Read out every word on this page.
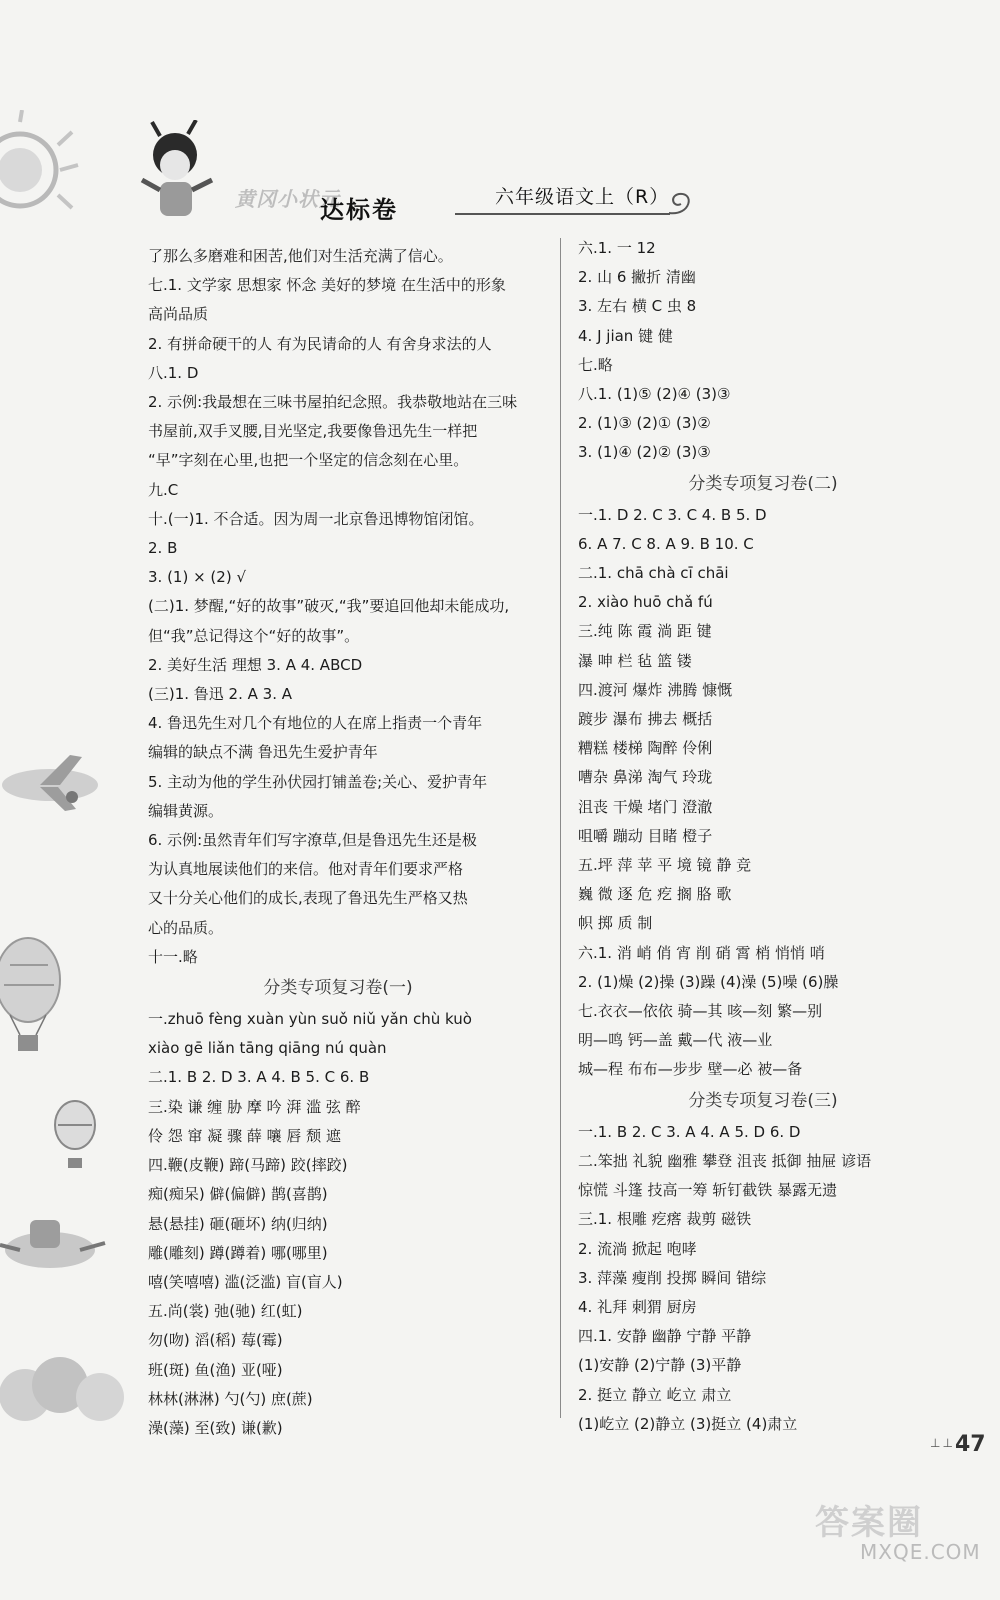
黄冈小状元
达标卷	六年级语文上（R）
了那么多磨难和困苦,他们对生活充满了信心。
七.1. 文学家 思想家 怀念 美好的梦境 在生活中的形象
高尚品质
2. 有拼命硬干的人 有为民请命的人 有舍身求法的人
八.1. D
2. 示例:我最想在三味书屋拍纪念照。我恭敬地站在三味
书屋前,双手叉腰,目光坚定,我要像鲁迅先生一样把
“早”字刻在心里,也把一个坚定的信念刻在心里。
九.C
十.(一)1. 不合适。因为周一北京鲁迅博物馆闭馆。
2. B
3. (1) × (2) √
(二)1. 梦醒,“好的故事”破灭,“我”要追回他却未能成功,
但“我”总记得这个“好的故事”。
2. 美好生活 理想 3. A 4. ABCD
(三)1. 鲁迅 2. A 3. A
4. 鲁迅先生对几个有地位的人在席上指责一个青年
编辑的缺点不满 鲁迅先生爱护青年
5. 主动为他的学生孙伏园打铺盖卷;关心、爱护青年
编辑黄源。
6. 示例:虽然青年们写字潦草,但是鲁迅先生还是极
为认真地展读他们的来信。他对青年们要求严格
又十分关心他们的成长,表现了鲁迅先生严格又热
心的品质。
十一.略
分类专项复习卷(一)
一.zhuō fèng xuàn yùn suǒ niǔ yǎn chù kuò
xiào gē liǎn tāng qiāng nú quàn
二.1. B 2. D 3. A 4. B 5. C 6. B
三.染 谦 缠 胁 摩 吟 湃 滥 弦 醉
伶 怨 窜 凝 骤 薛 嚷 唇 颓 遮
四.鞭(皮鞭) 蹄(马蹄) 跤(摔跤)
痴(痴呆) 僻(偏僻) 鹊(喜鹊)
悬(悬挂) 砸(砸坏) 纳(归纳)
雕(雕刻) 蹲(蹲着) 哪(哪里)
嘻(笑嘻嘻) 滥(泛滥) 盲(盲人)
五.尚(裳) 弛(驰) 红(虹)
勿(吻) 滔(稻) 莓(霉)
班(斑) 鱼(渔) 亚(哑)
林林(淋淋) 勺(勺) 庶(蔗)
澡(藻) 至(致) 谦(歉)
六.1. 一 12
2. 山 6 撇折 清幽
3. 左右 横 C 虫 8
4. J jian 键 健
七.略
八.1. (1)⑤ (2)④ (3)③
2. (1)③ (2)① (3)②
3. (1)④ (2)② (3)③
分类专项复习卷(二)
一.1. D 2. C 3. C 4. B 5. D
6. A 7. C 8. A 9. B 10. C
二.1. chā chà cī chāi
2. xiào huō chǎ fú
三.纯 陈 霞 淌 距 键
瀑 呻 栏 毡 篮 镂
四.渡河 爆炸 沸腾 慷慨
踱步 瀑布 拂去 概括
糟糕 楼梯 陶醉 伶俐
嘈杂 鼻涕 淘气 玲珑
沮丧 干燥 堵门 澄澈
咀嚼 蹦动 目睹 橙子
五.坪 萍 苹 平 境 镜 静 竞
巍 微 逐 危 疙 搁 胳 歌
帜 掷 质 制
六.1. 消 峭 俏 宵 削 硝 霄 梢 悄悄 哨
2. (1)燥 (2)操 (3)躁 (4)澡 (5)噪 (6)臊
七.衣衣—依依 骑—其 咳—刻 繁—别
明—鸣 钙—盖 戴—代 液—业
城—程 布布—步步 壁—必 被—备
分类专项复习卷(三)
一.1. B 2. C 3. A 4. A 5. D 6. D
二.笨拙 礼貌 幽雅 攀登 沮丧 抵御 抽屉 谚语
惊慌 斗篷 技高一筹 斩钉截铁 暴露无遗
三.1. 根雕 疙瘩 裁剪 磁铁
2. 流淌 掀起 咆哮
3. 萍藻 瘦削 投掷 瞬间 错综
4. 礼拜 刺猬 厨房
四.1. 安静 幽静 宁静 平静
(1)安静 (2)宁静 (3)平静
2. 挺立 静立 屹立 肃立
(1)屹立 (2)静立 (3)挺立 (4)肃立
⊥⊥ 47
答案圈
MXQE.COM
